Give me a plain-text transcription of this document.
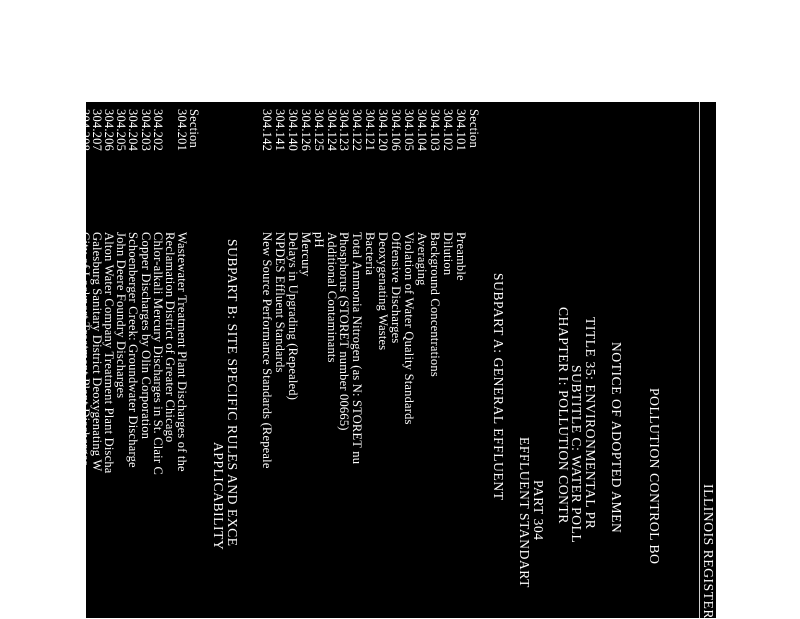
ILLINOIS REGISTER
POLLUTION CONTROL BO
NOTICE OF ADOPTED AMEN
TITLE 35: ENVIRONMENTAL PR
SUBTITLE C: WATER POLL
CHAPTER I: POLLUTION CONTR
PART 304
EFFLUENT STANDART
SUBPART A: GENERAL EFFLUENT
Section
304.101
Preamble
304.102
Dilution
304.103
Background Concentrations
304.104
Averaging
304.105
Violation of Water Quality Standards
304.106
Offensive Discharges
304.120
Deoxygenating Wastes
304.121
Bacteria
304.122
Total Ammonia Nitrogen (as N: STORET nu
304.123
Phosphorus (STORET number 00665)
304.124
Additional Contaminants
304.125
pH
304.126
Mercury
304.140
Delays in Upgrading (Repealed)
304.141
NPDES Effluent Standards
304.142
New Source Performance Standards (Repeale
SUBPART B: SITE SPECIFIC RULES AND EXCE
APPLICABILITY
Section
304.201
Wastewater Treatment Plant Discharges of the
Reclamation District of Greater Chicago
304.202
Chlor-alkali Mercury Discharges in St. Clair C
304.203
Copper Discharges by Olin Corporation
304.204
Schoenberger Creek: Groundwater Discharge
304.205
John Deere Foundry Discharges
304.206
Alton Water Company Treatment Plant Discha
304.207
Galesburg Sanitary District Deoxygenating W
304.208
City of Lockport Treatment Plant Discharges
304.209
Wood River Station Total Suspended Solids D
304.210
Alton Wastewater Treatment Plant Discharges
